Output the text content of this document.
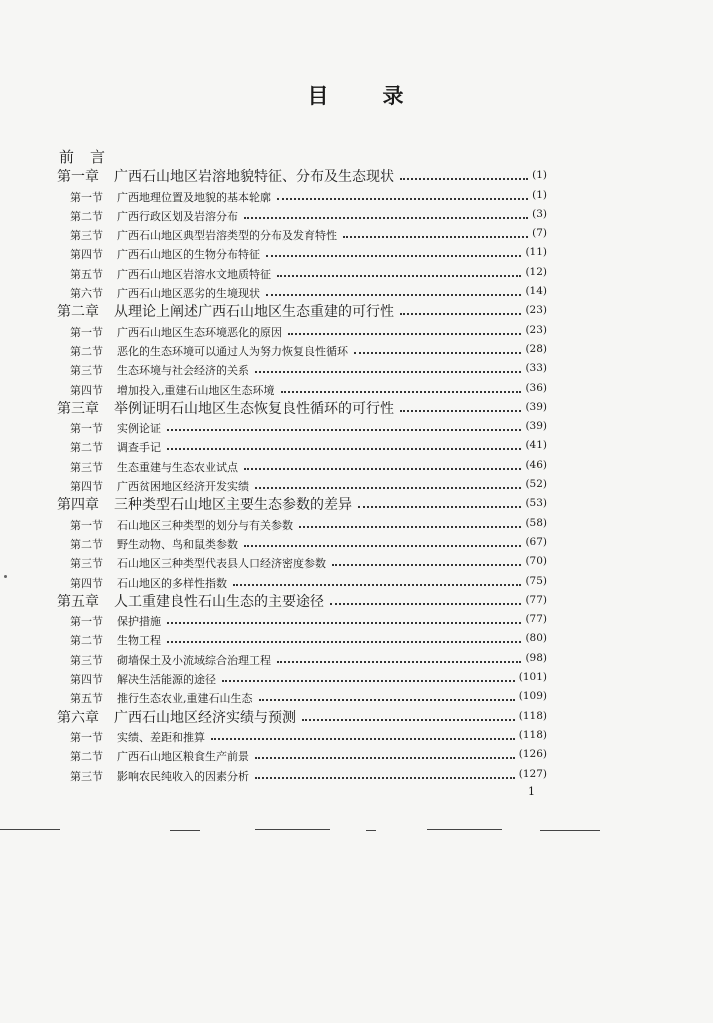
目 录
前言
第一章 广西石山地区岩溶地貌特征、分布及生态现状	(1)
第一节 广西地理位置及地貌的基本轮廓	(1)
第二节 广西行政区划及岩溶分布	(3)
第三节 广西石山地区典型岩溶类型的分布及发育特性	(7)
第四节 广西石山地区的生物分布特征	(11)
第五节 广西石山地区岩溶水文地质特征	(12)
第六节 广西石山地区恶劣的生境现状	(14)
第二章 从理论上阐述广西石山地区生态重建的可行性	(23)
第一节 广西石山地区生态环境恶化的原因	(23)
第二节 恶化的生态环境可以通过人为努力恢复良性循环	(28)
第三节 生态环境与社会经济的关系	(33)
第四节 增加投入,重建石山地区生态环境	(36)
第三章 举例证明石山地区生态恢复良性循环的可行性	(39)
第一节 实例论证	(39)
第二节 调查手记	(41)
第三节 生态重建与生态农业试点	(46)
第四节 广西贫困地区经济开发实绩	(52)
第四章 三种类型石山地区主要生态参数的差异	(53)
第一节 石山地区三种类型的划分与有关参数	(58)
第二节 野生动物、鸟和鼠类参数	(67)
第三节 石山地区三种类型代表县人口经济密度参数	(70)
第四节 石山地区的多样性指数	(75)
第五章 人工重建良性石山生态的主要途径	(77)
第一节 保护措施	(77)
第二节 生物工程	(80)
第三节 砌墙保土及小流域综合治理工程	(98)
第四节 解决生活能源的途径	(101)
第五节 推行生态农业,重建石山生态	(109)
第六章 广西石山地区经济实绩与预测	(118)
第一节 实绩、差距和推算	(118)
第二节 广西石山地区粮食生产前景	(126)
第三节 影响农民纯收入的因素分析	(127)
1
